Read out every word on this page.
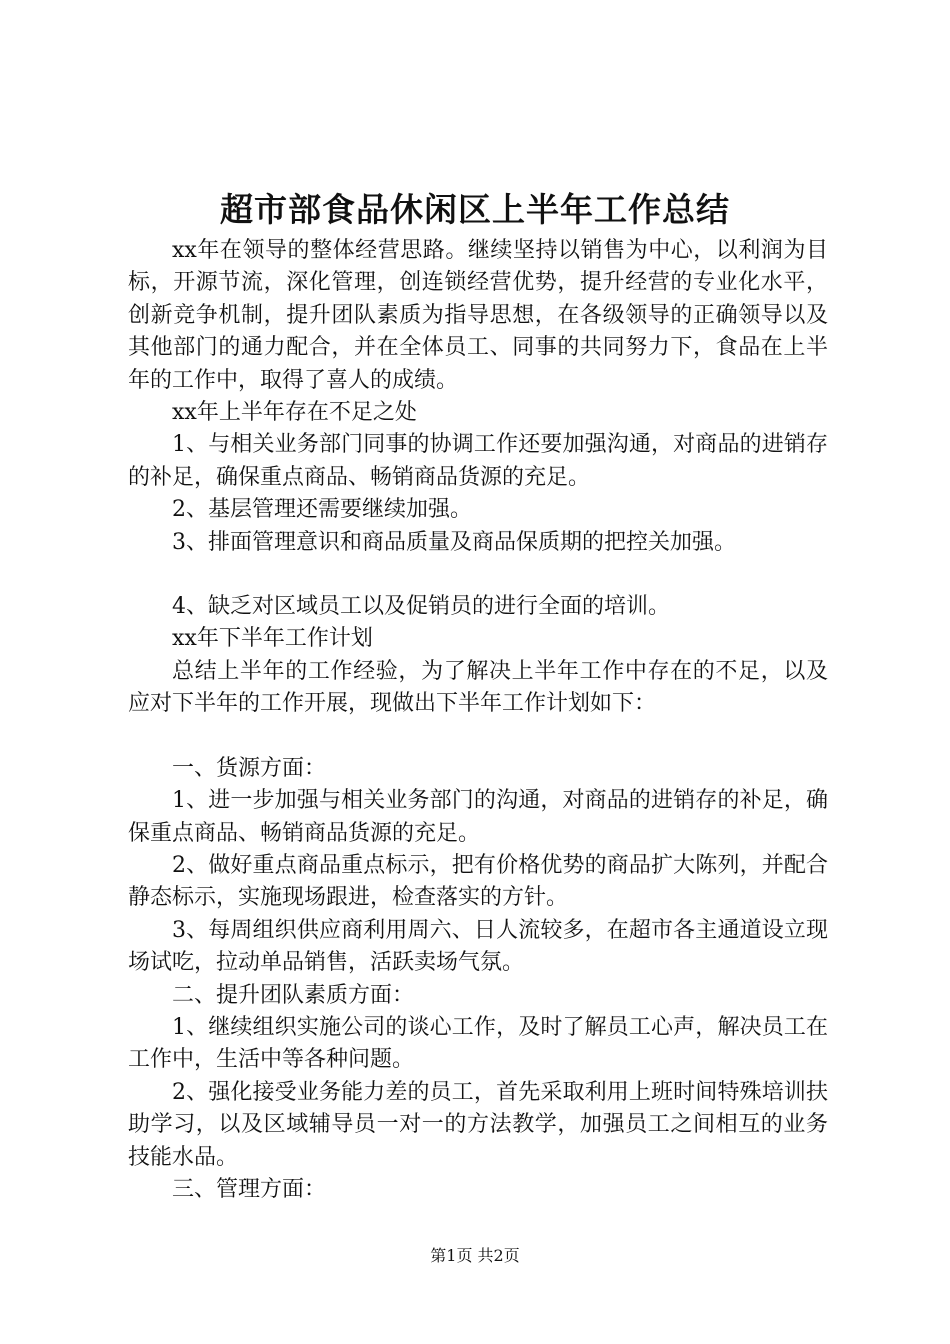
超市部食品休闲区上半年工作总结

xx年在领导的整体经营思路。继续坚持以销售为中心，以利润为目标，开源节流，深化管理，创连锁经营优势，提升经营的专业化水平，创新竞争机制，提升团队素质为指导思想，在各级领导的正确领导以及其他部门的通力配合，并在全体员工、同事的共同努力下，食品在上半年的工作中，取得了喜人的成绩。

xx年上半年存在不足之处

1、与相关业务部门同事的协调工作还要加强沟通，对商品的进销存的补足，确保重点商品、畅销商品货源的充足。

2、基层管理还需要继续加强。

3、排面管理意识和商品质量及商品保质期的把控关加强。

4、缺乏对区域员工以及促销员的进行全面的培训。

xx年下半年工作计划

总结上半年的工作经验，为了解决上半年工作中存在的不足，以及应对下半年的工作开展，现做出下半年工作计划如下：

一、货源方面：

1、进一步加强与相关业务部门的沟通，对商品的进销存的补足，确保重点商品、畅销商品货源的充足。

2、做好重点商品重点标示，把有价格优势的商品扩大陈列，并配合静态标示，实施现场跟进，检查落实的方针。

3、每周组织供应商利用周六、日人流较多，在超市各主通道设立现场试吃，拉动单品销售，活跃卖场气氛。

二、提升团队素质方面：

1、继续组织实施公司的谈心工作，及时了解员工心声，解决员工在工作中，生活中等各种问题。

2、强化接受业务能力差的员工，首先采取利用上班时间特殊培训扶助学习，以及区域辅导员一对一的方法教学，加强员工之间相互的业务技能水品。

三、管理方面：

第1页 共2页
